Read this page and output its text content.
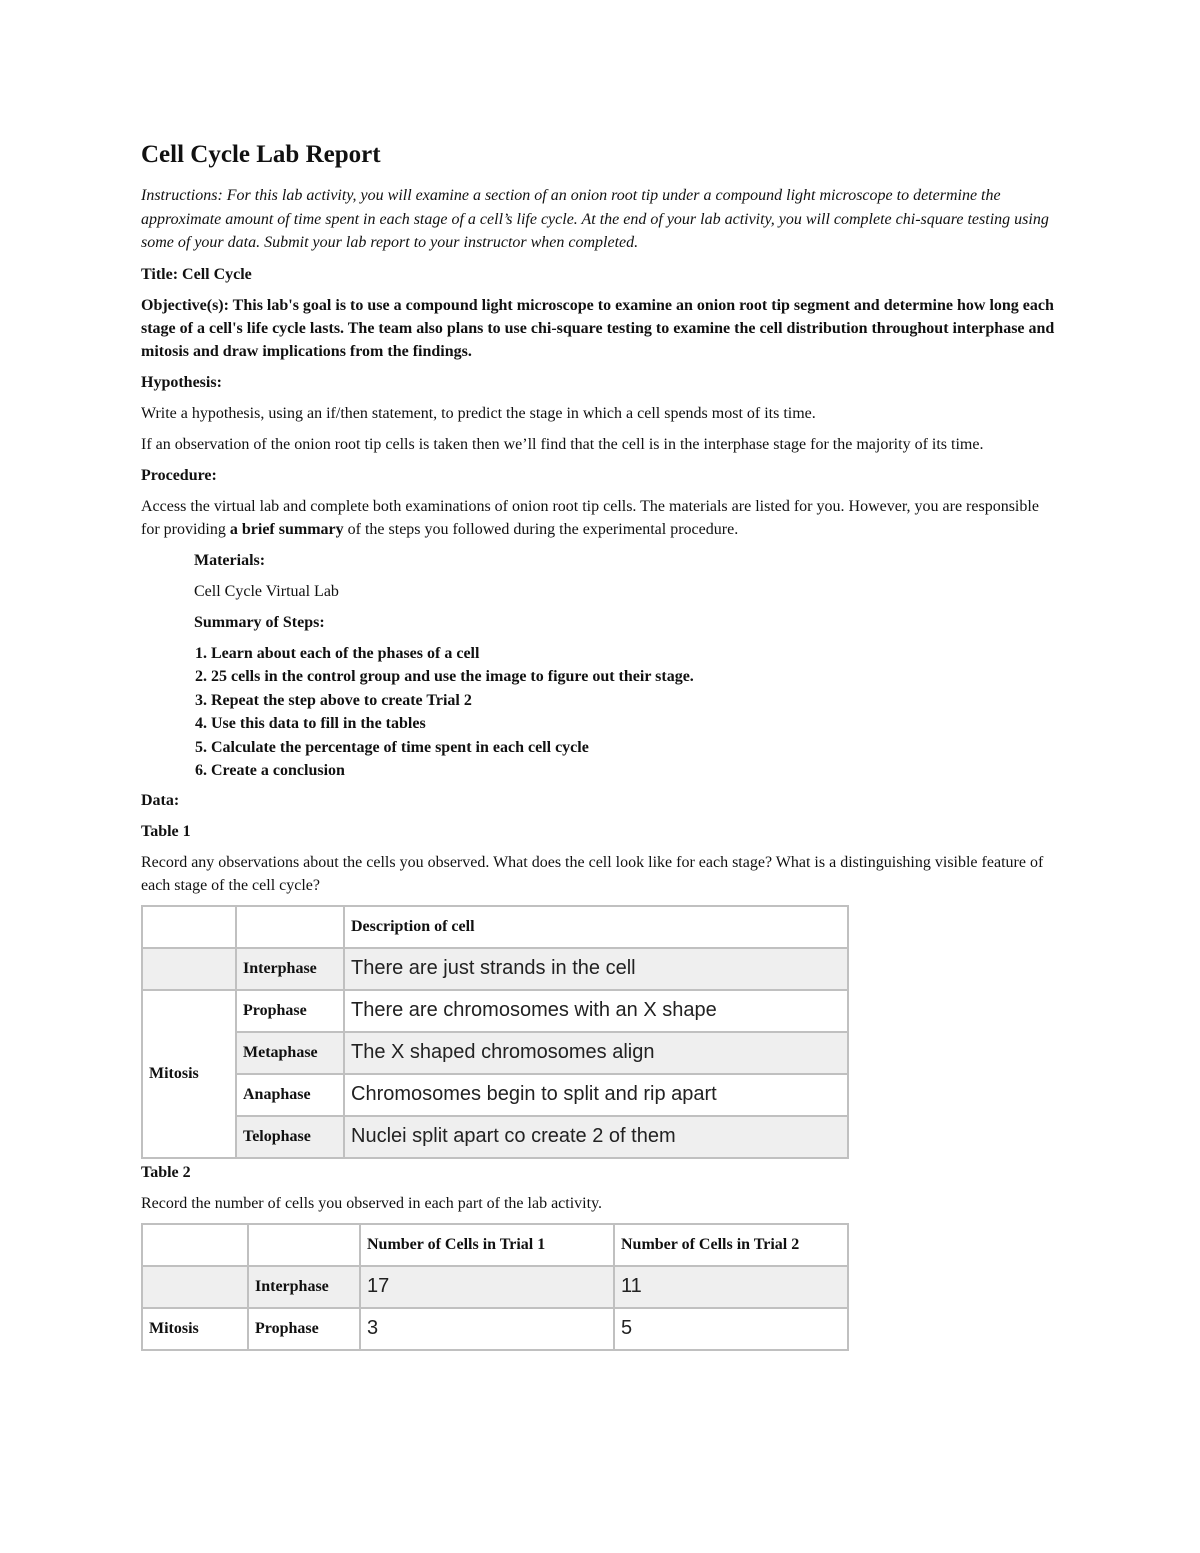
Cell Cycle Lab Report

Instructions: For this lab activity, you will examine a section of an onion root tip under a compound light microscope to determine the approximate amount of time spent in each stage of a cell’s life cycle. At the end of your lab activity, you will complete chi-square testing using some of your data. Submit your lab report to your instructor when completed.

Title: Cell Cycle

Objective(s): This lab's goal is to use a compound light microscope to examine an onion root tip segment and determine how long each stage of a cell's life cycle lasts. The team also plans to use chi-square testing to examine the cell distribution throughout interphase and mitosis and draw implications from the findings.

Hypothesis:

Write a hypothesis, using an if/then statement, to predict the stage in which a cell spends most of its time.

If an observation of the onion root tip cells is taken then we’ll find that the cell is in the interphase stage for the majority of its time.

Procedure:

Access the virtual lab and complete both examinations of onion root tip cells. The materials are listed for you. However, you are responsible for providing a brief summary of the steps you followed during the experimental procedure.

Materials:

Cell Cycle Virtual Lab

Summary of Steps:

1. Learn about each of the phases of a cell
2. 25 cells in the control group and use the image to figure out their stage.
3. Repeat the step above to create Trial 2
4. Use this data to fill in the tables
5. Calculate the percentage of time spent in each cell cycle
6. Create a conclusion

Data:

Table 1

Record any observations about the cells you observed. What does the cell look like for each stage? What is a distinguishing visible feature of each stage of the cell cycle?

		Description of cell
	Interphase	There are just strands in the cell
Mitosis	Prophase	There are chromosomes with an X shape
	Metaphase	The X shaped chromosomes align
	Anaphase	Chromosomes begin to split and rip apart
	Telophase	Nuclei split apart co create 2 of them

Table 2

Record the number of cells you observed in each part of the lab activity.

		Number of Cells in Trial 1	Number of Cells in Trial 2
	Interphase	17	11
Mitosis	Prophase	3	5
